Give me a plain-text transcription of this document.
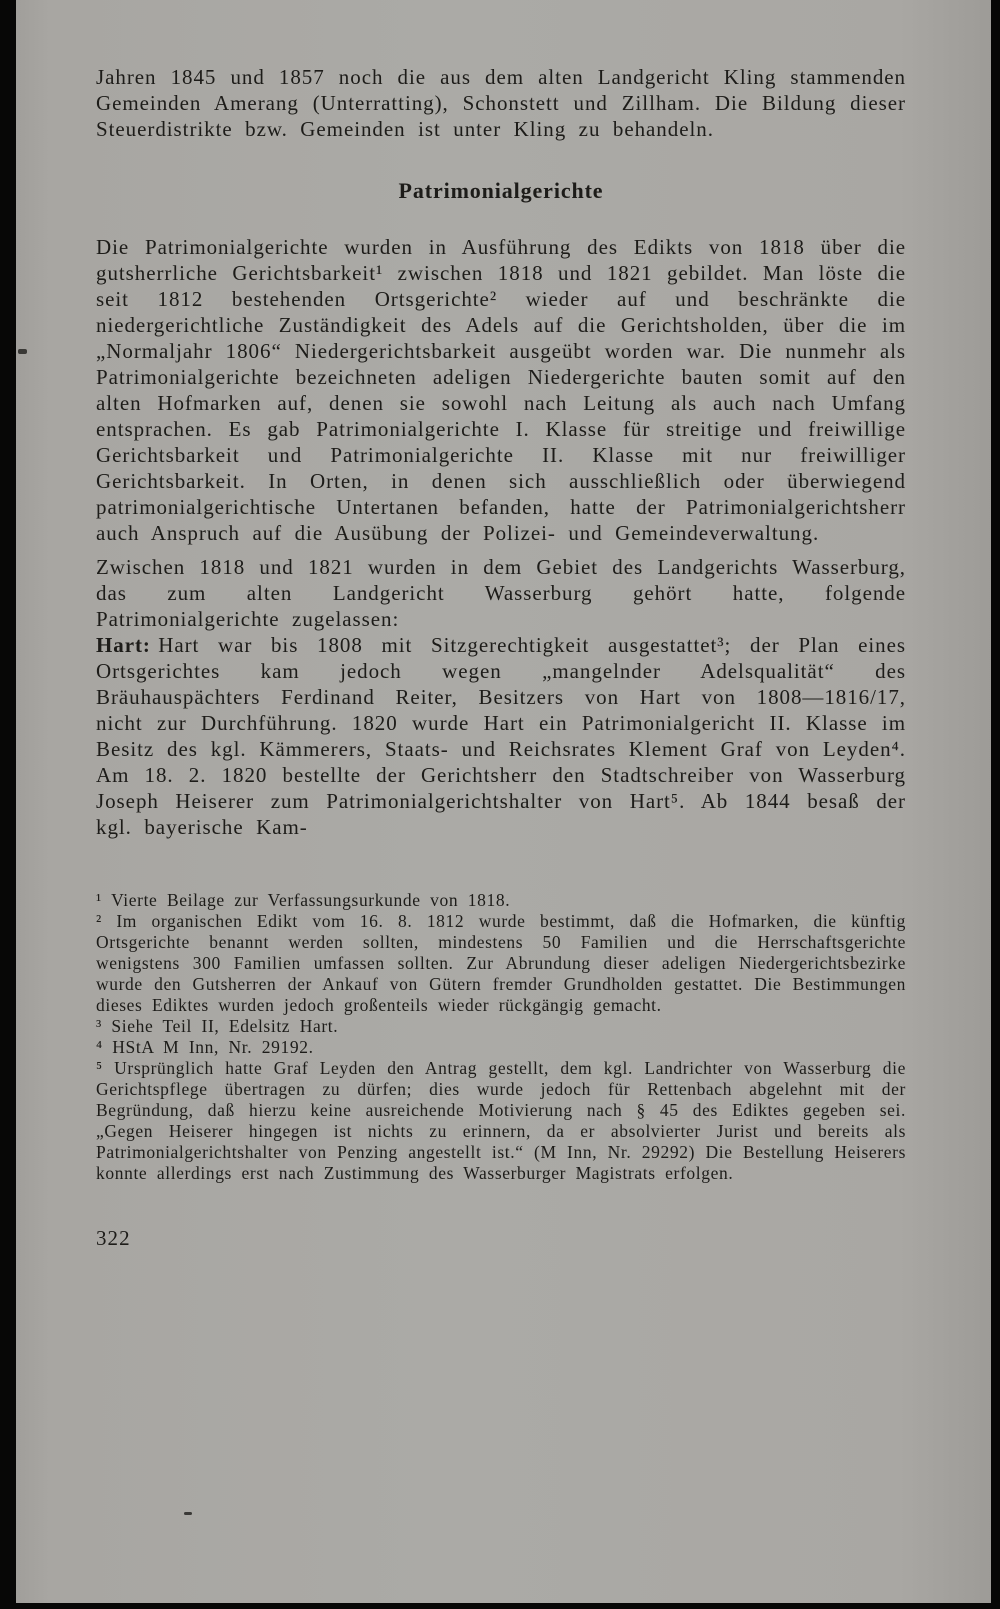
Jahren 1845 und 1857 noch die aus dem alten Landgericht Kling stammenden Gemeinden Amerang (Unterratting), Schonstett und Zillham. Die Bildung dieser Steuerdistrikte bzw. Gemeinden ist unter Kling zu behandeln.

Patrimonialgerichte

Die Patrimonialgerichte wurden in Ausführung des Edikts von 1818 über die gutsherrliche Gerichtsbarkeit¹ zwischen 1818 und 1821 gebildet. Man löste die seit 1812 bestehenden Ortsgerichte² wieder auf und beschränkte die niedergerichtliche Zuständigkeit des Adels auf die Gerichtsholden, über die im „Normaljahr 1806“ Niedergerichtsbarkeit ausgeübt worden war. Die nunmehr als Patrimonialgerichte bezeichneten adeligen Niedergerichte bauten somit auf den alten Hofmarken auf, denen sie sowohl nach Leitung als auch nach Umfang entsprachen. Es gab Patrimonialgerichte I. Klasse für streitige und freiwillige Gerichtsbarkeit und Patrimonialgerichte II. Klasse mit nur freiwilliger Gerichtsbarkeit. In Orten, in denen sich ausschließlich oder überwiegend patrimonialgerichtische Untertanen befanden, hatte der Patrimonialgerichtsherr auch Anspruch auf die Ausübung der Polizei- und Gemeindeverwaltung.

Zwischen 1818 und 1821 wurden in dem Gebiet des Landgerichts Wasserburg, das zum alten Landgericht Wasserburg gehört hatte, folgende Patrimonialgerichte zugelassen:

Hart: Hart war bis 1808 mit Sitzgerechtigkeit ausgestattet³; der Plan eines Ortsgerichtes kam jedoch wegen „mangelnder Adelsqualität“ des Bräuhauspächters Ferdinand Reiter, Besitzers von Hart von 1808—1816/17, nicht zur Durchführung. 1820 wurde Hart ein Patrimonialgericht II. Klasse im Besitz des kgl. Kämmerers, Staats- und Reichsrates Klement Graf von Leyden⁴. Am 18. 2. 1820 bestellte der Gerichtsherr den Stadtschreiber von Wasserburg Joseph Heiserer zum Patrimonialgerichtshalter von Hart⁵. Ab 1844 besaß der kgl. bayerische Kam-

¹ Vierte Beilage zur Verfassungsurkunde von 1818.

² Im organischen Edikt vom 16. 8. 1812 wurde bestimmt, daß die Hofmarken, die künftig Ortsgerichte benannt werden sollten, mindestens 50 Familien und die Herrschaftsgerichte wenigstens 300 Familien umfassen sollten. Zur Abrundung dieser adeligen Niedergerichtsbezirke wurde den Gutsherren der Ankauf von Gütern fremder Grundholden gestattet. Die Bestimmungen dieses Ediktes wurden jedoch großenteils wieder rückgängig gemacht.

³ Siehe Teil II, Edelsitz Hart.

⁴ HStA M Inn, Nr. 29192.

⁵ Ursprünglich hatte Graf Leyden den Antrag gestellt, dem kgl. Landrichter von Wasserburg die Gerichtspflege übertragen zu dürfen; dies wurde jedoch für Rettenbach abgelehnt mit der Begründung, daß hierzu keine ausreichende Motivierung nach § 45 des Ediktes gegeben sei. „Gegen Heiserer hingegen ist nichts zu erinnern, da er absolvierter Jurist und bereits als Patrimonialgerichtshalter von Penzing angestellt ist.“ (M Inn, Nr. 29292) Die Bestellung Heiserers konnte allerdings erst nach Zustimmung des Wasserburger Magistrats erfolgen.

322
